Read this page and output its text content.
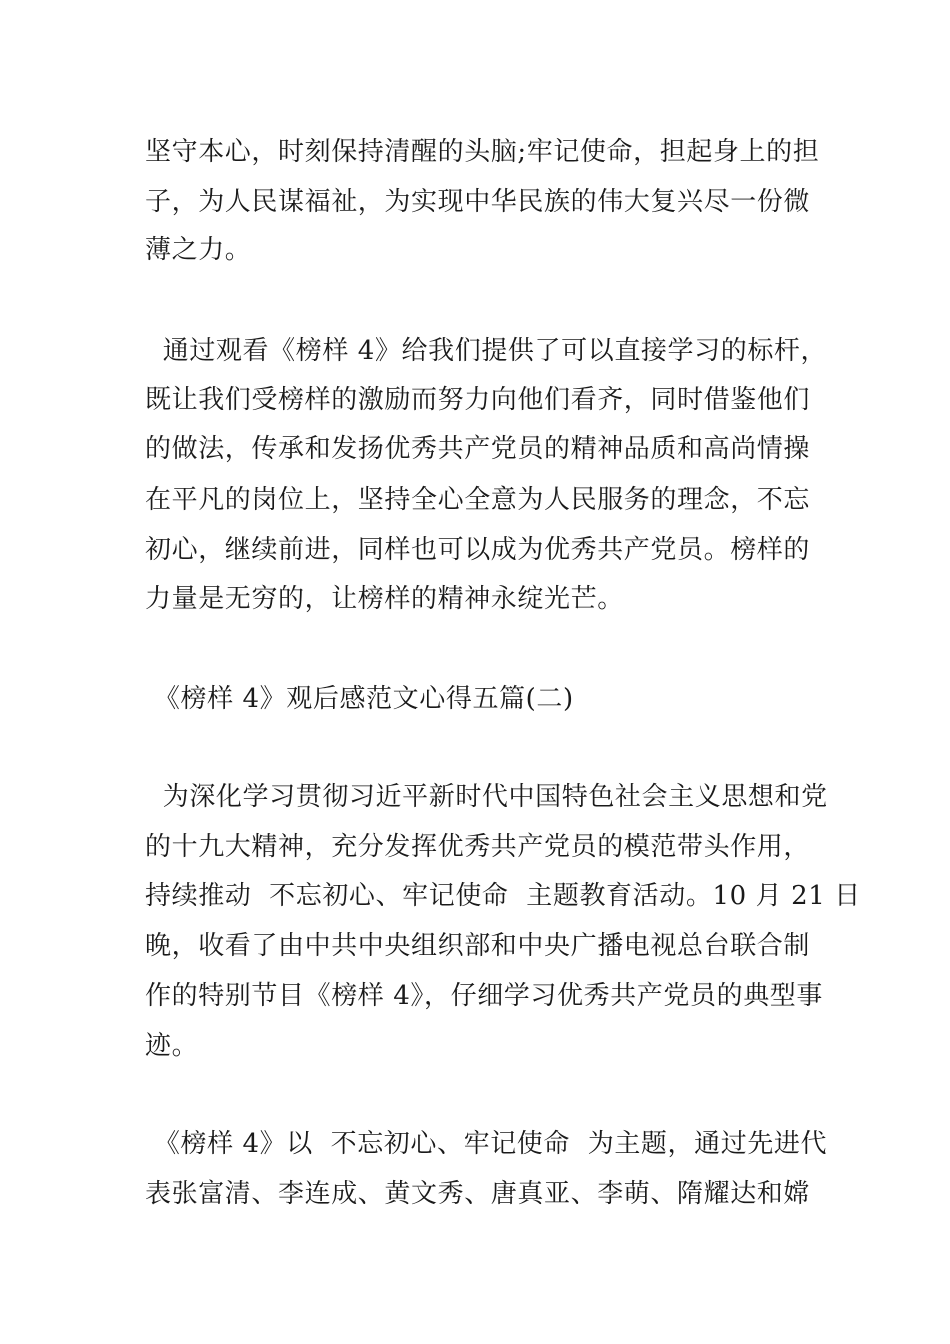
坚守本心，时刻保持清醒的头脑;牢记使命，担起身上的担
子，为人民谋福祉，为实现中华民族的伟大复兴尽一份微
薄之力。
通过观看《榜样 4》给我们提供了可以直接学习的标杆，
既让我们受榜样的激励而努力向他们看齐，同时借鉴他们
的做法，传承和发扬优秀共产党员的精神品质和高尚情操
在平凡的岗位上，坚持全心全意为人民服务的理念，不忘
初心，继续前进，同样也可以成为优秀共产党员。榜样的
力量是无穷的，让榜样的精神永绽光芒。
《榜样 4》观后感范文心得五篇(二)
为深化学习贯彻习近平新时代中国特色社会主义思想和党
的十九大精神，充分发挥优秀共产党员的模范带头作用，
持续推动  不忘初心、牢记使命  主题教育活动。10 月 21 日
晚，收看了由中共中央组织部和中央广播电视总台联合制
作的特别节目《榜样 4》，仔细学习优秀共产党员的典型事
迹。
《榜样 4》以  不忘初心、牢记使命  为主题，通过先进代
表张富清、李连成、黄文秀、唐真亚、李萌、隋耀达和嫦
